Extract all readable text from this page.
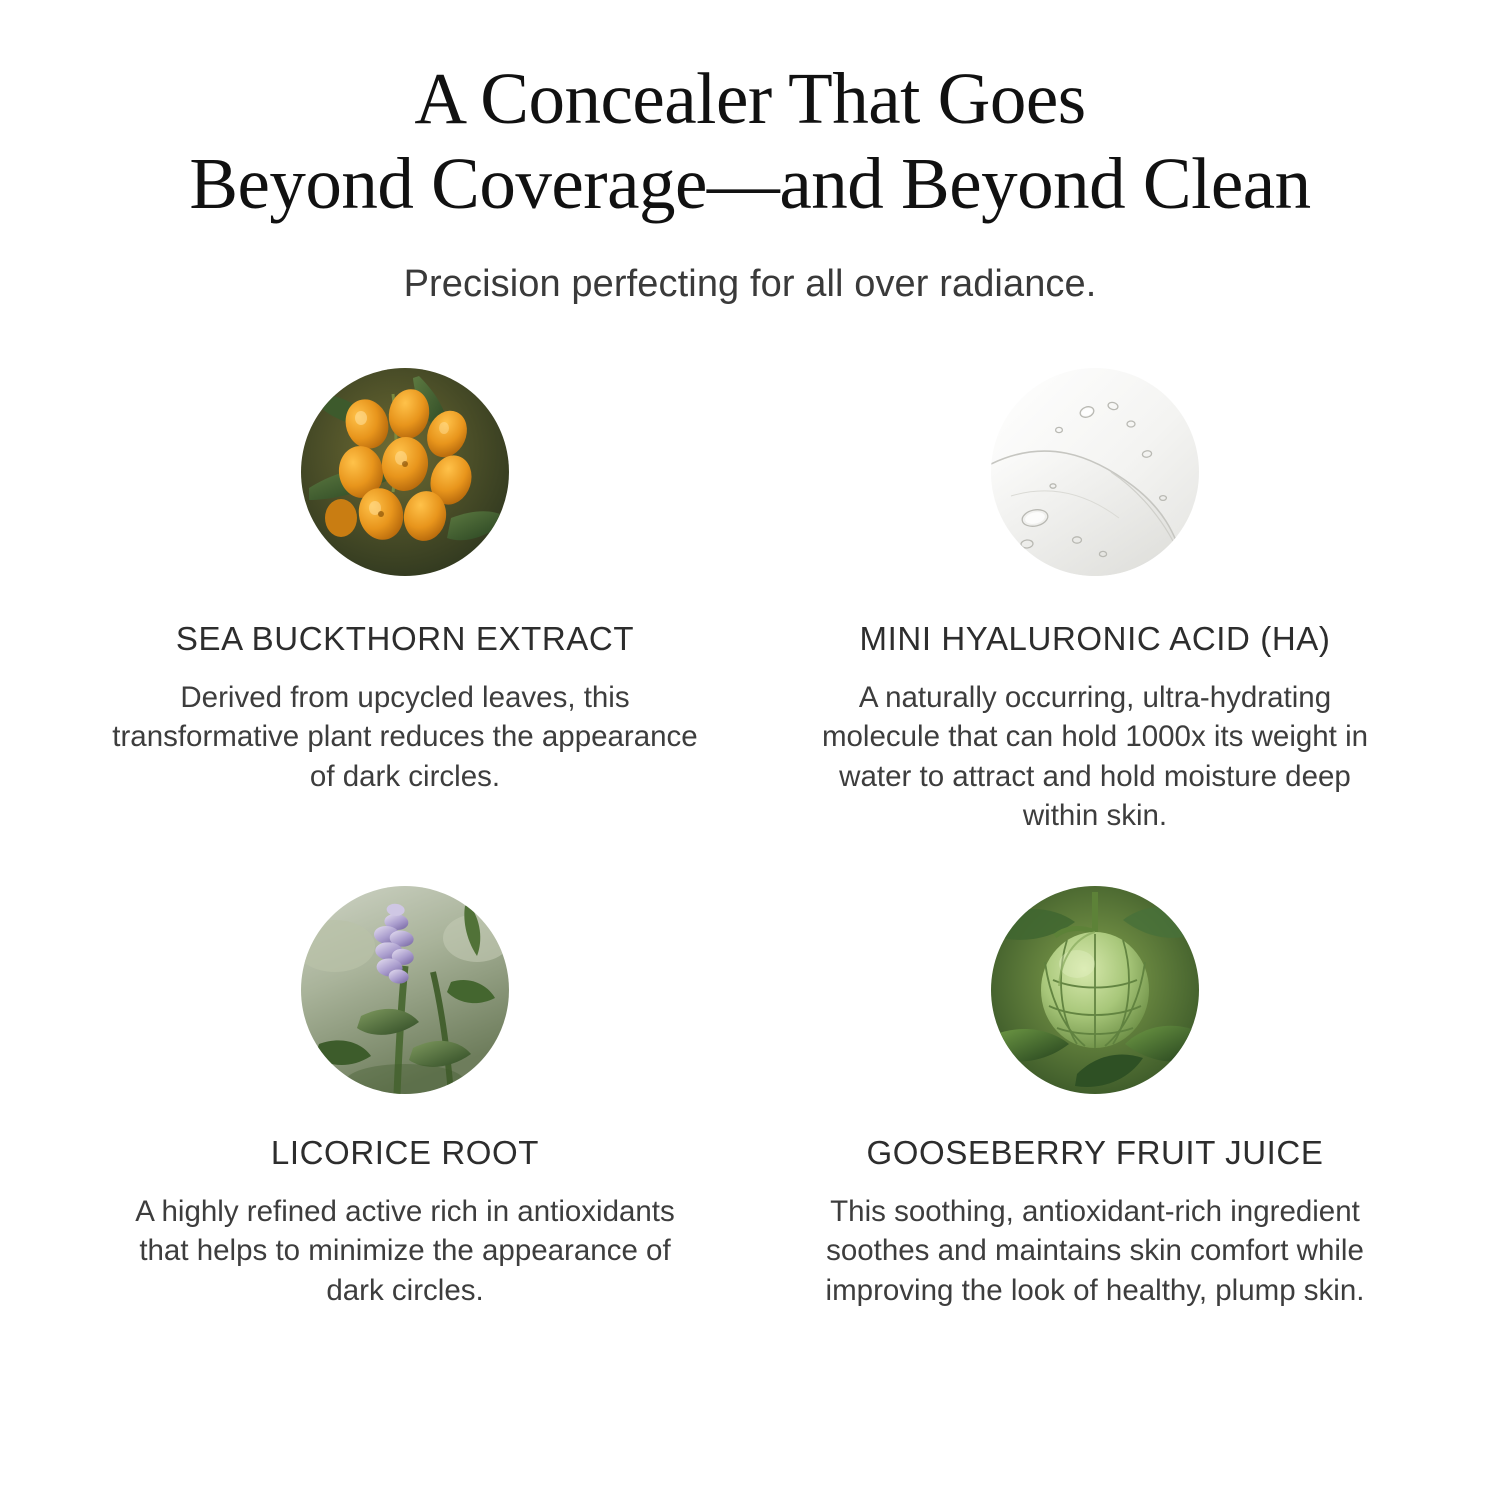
A Concealer That Goes
Beyond Coverage—and Beyond Clean

Precision perfecting for all over radiance.

SEA BUCKTHORN EXTRACT
Derived from upcycled leaves, this transformative plant reduces the appearance of dark circles.
MINI HYALURONIC ACID (HA)
A naturally occurring, ultra-hydrating molecule that can hold 1000x its weight in water to attract and hold moisture deep within skin.
LICORICE ROOT
A highly refined active rich in antioxidants that helps to minimize the appearance of dark circles.
GOOSEBERRY FRUIT JUICE
This soothing, antioxidant-rich ingredient soothes and maintains skin comfort while improving the look of healthy, plump skin.
